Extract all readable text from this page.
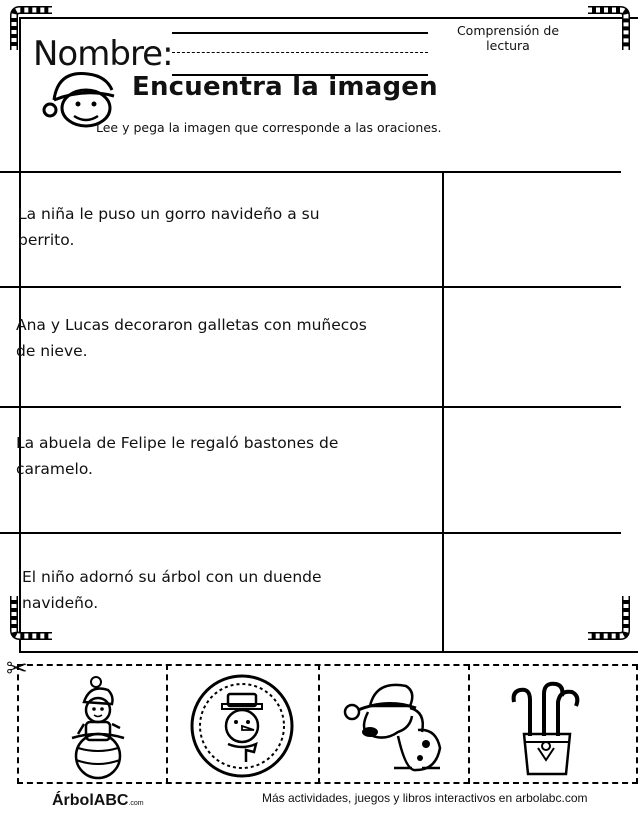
Nombre:
Comprensión de lectura
Encuentra la imagen
Lee y pega la imagen que corresponde a las oraciones.
La niña le puso un gorro navideño a su
perrito.
Ana y Lucas decoraron galletas con muñecos
de nieve.
La abuela de Felipe le regaló bastones de
caramelo.
El niño adornó su árbol con un duende
navideño.
✂
ÁrbolABC.com	Más actividades, juegos y libros interactivos en arbolabc.com
